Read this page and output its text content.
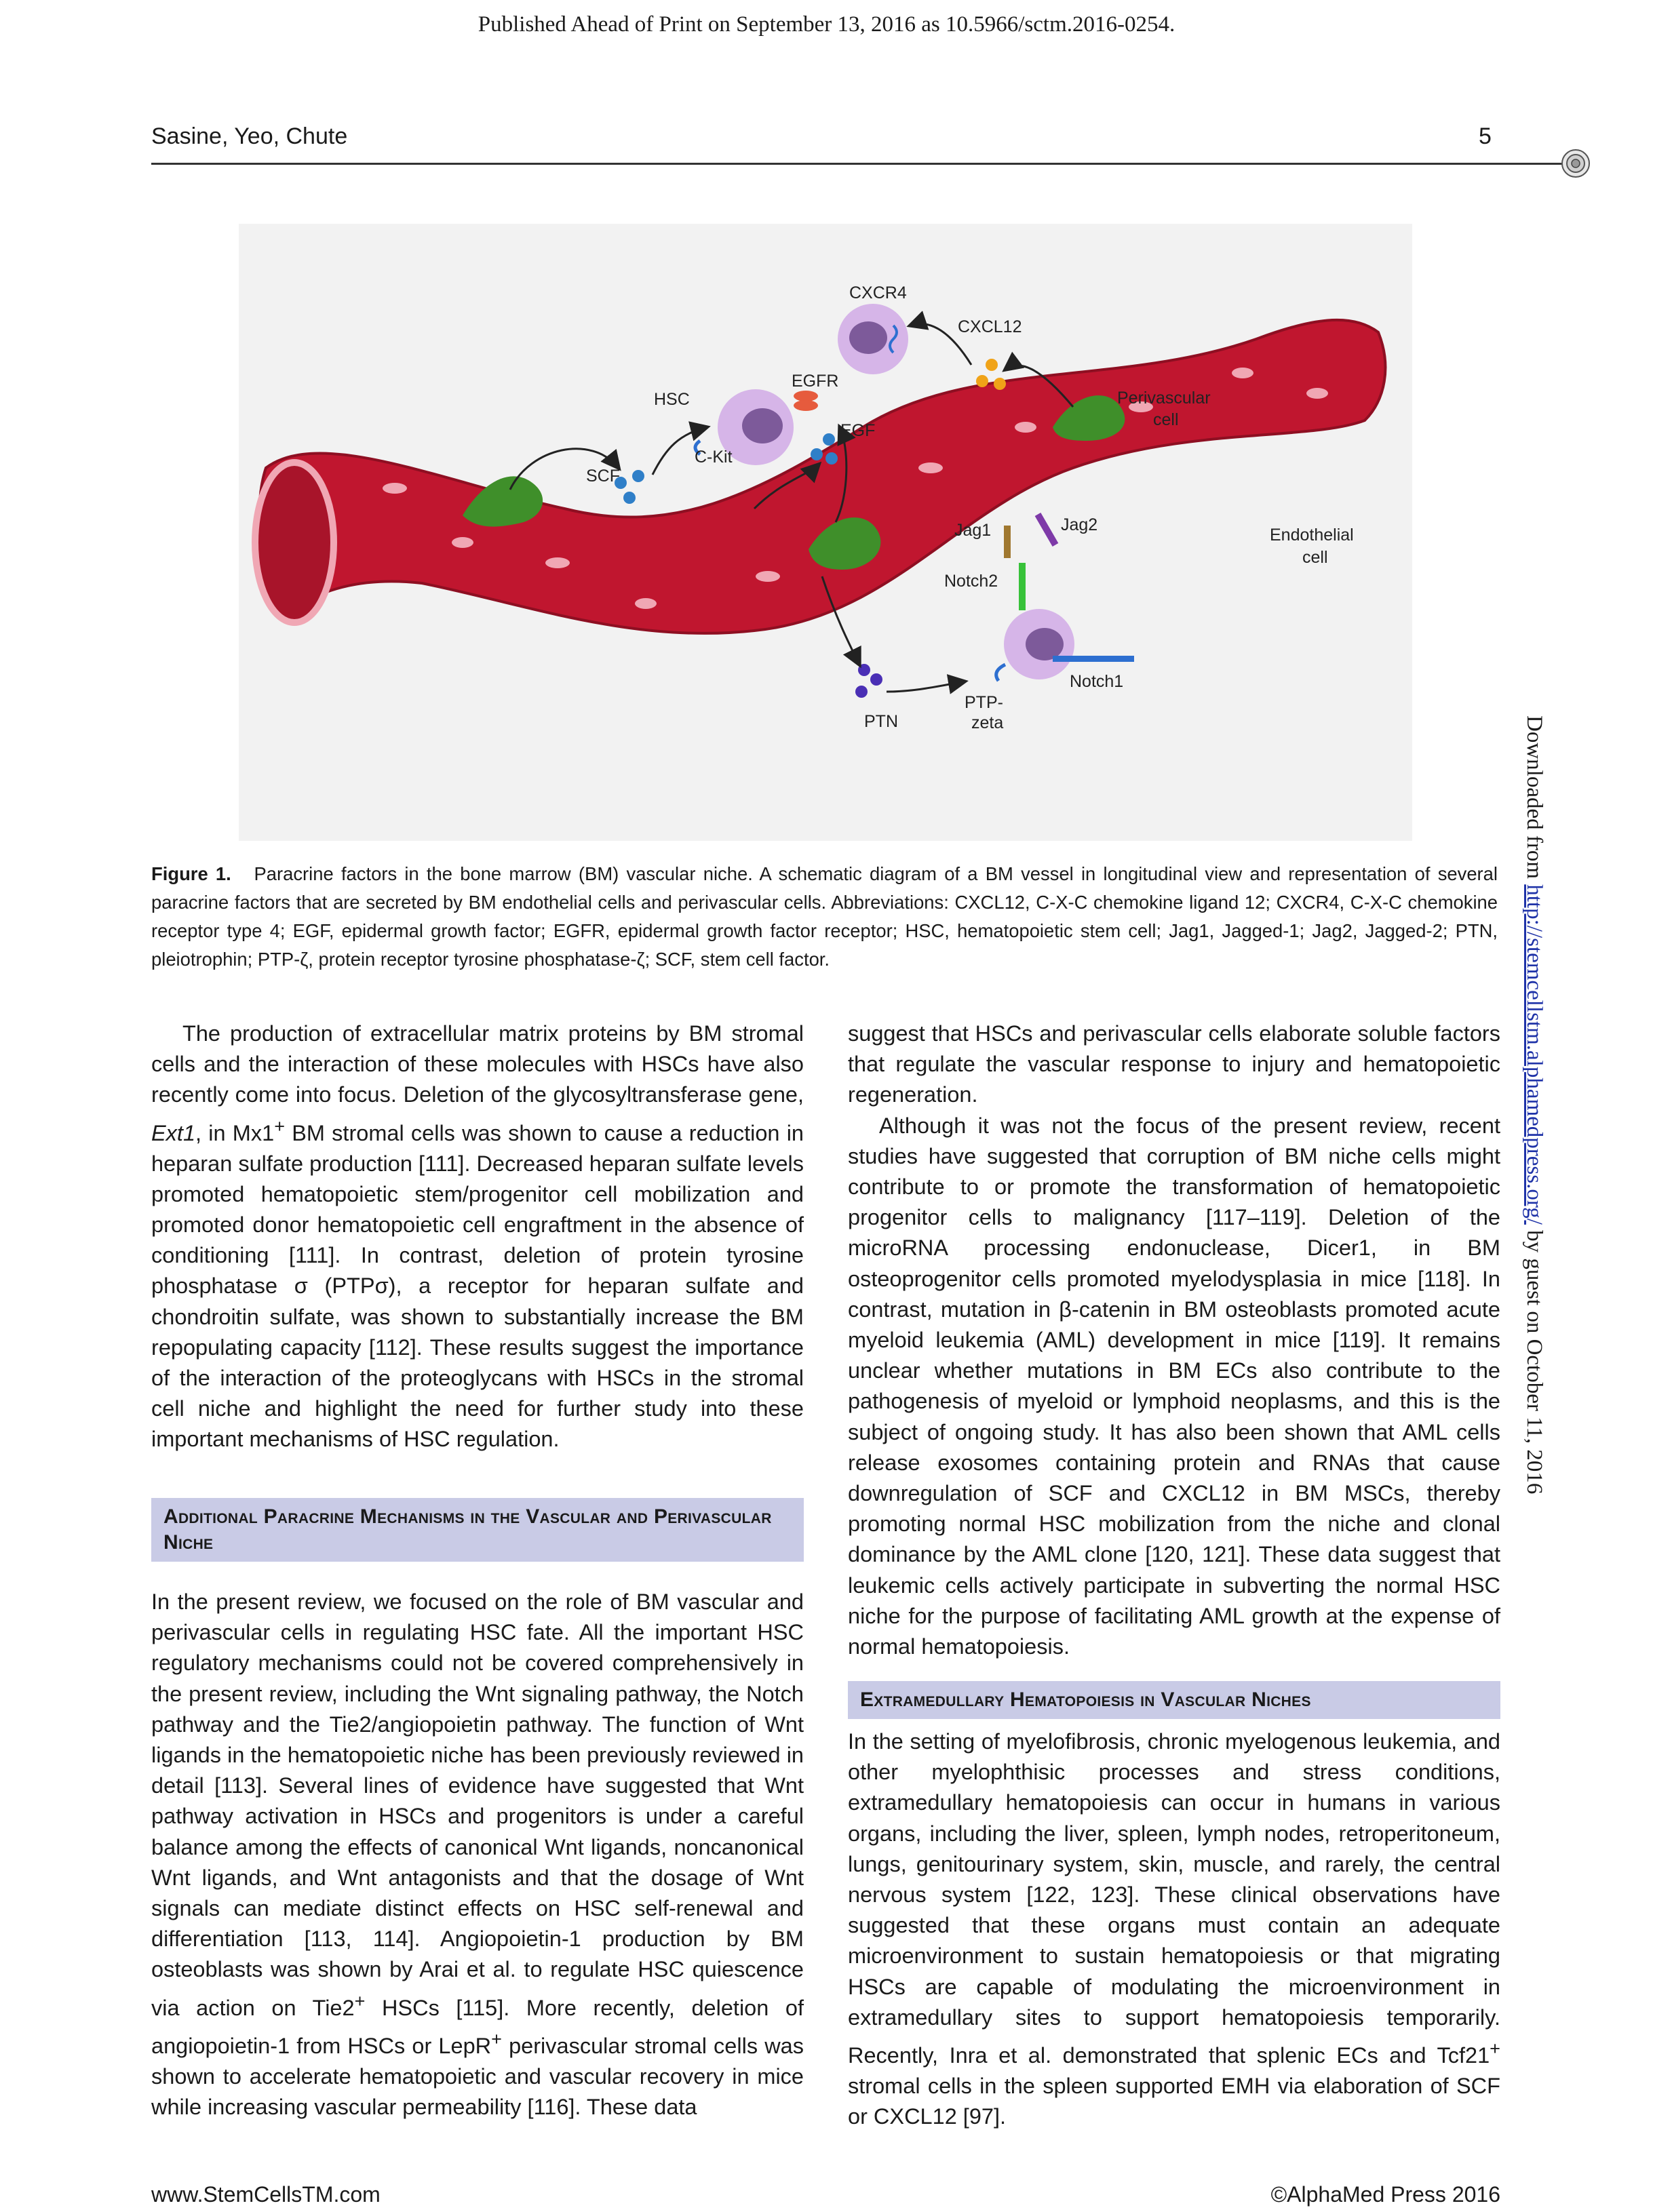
Published Ahead of Print on September 13, 2016 as 10.5966/sctm.2016-0254.
Sasine, Yeo, Chute	5
CXCR4
CXCL12
HSC
EGFR
EGF
C-Kit
SCF
Perivascular
cell
Jag1	Jag2
Notch2
Endothelial
cell
Notch1
PTN
PTP-
zeta
Figure 1. Paracrine factors in the bone marrow (BM) vascular niche. A schematic diagram of a BM vessel in longitudinal view and representation of several paracrine factors that are secreted by BM endothelial cells and perivascular cells. Abbreviations: CXCL12, C-X-C chemokine ligand 12; CXCR4, C-X-C chemokine receptor type 4; EGF, epidermal growth factor; EGFR, epidermal growth factor receptor; HSC, hematopoietic stem cell; Jag1, Jagged-1; Jag2, Jagged-2; PTN, pleiotrophin; PTP-ζ, protein receptor tyrosine phosphatase-ζ; SCF, stem cell factor.

The production of extracellular matrix proteins by BM stromal cells and the interaction of these molecules with HSCs have also recently come into focus. Deletion of the glycosyltransferase gene, Ext1, in Mx1+ BM stromal cells was shown to cause a reduction in heparan sulfate production [111]. Decreased heparan sulfate levels promoted hematopoietic stem/progenitor cell mobilization and promoted donor hematopoietic cell engraftment in the absence of conditioning [111]. In contrast, deletion of protein tyrosine phosphatase σ (PTPσ), a receptor for heparan sulfate and chondroitin sulfate, was shown to substantially increase the BM repopulating capacity [112]. These results suggest the importance of the interaction of the proteoglycans with HSCs in the stromal cell niche and highlight the need for further study into these important mechanisms of HSC regulation.

Additional Paracrine Mechanisms in the Vascular and Perivascular Niche

In the present review, we focused on the role of BM vascular and perivascular cells in regulating HSC fate. All the important HSC regulatory mechanisms could not be covered comprehensively in the present review, including the Wnt signaling pathway, the Notch pathway and the Tie2/angiopoietin pathway. The function of Wnt ligands in the hematopoietic niche has been previously reviewed in detail [113]. Several lines of evidence have suggested that Wnt pathway activation in HSCs and progenitors is under a careful balance among the effects of canonical Wnt ligands, noncanonical Wnt ligands, and Wnt antagonists and that the dosage of Wnt signals can mediate distinct effects on HSC self-renewal and differentiation [113, 114]. Angiopoietin-1 production by BM osteoblasts was shown by Arai et al. to regulate HSC quiescence via action on Tie2+ HSCs [115]. More recently, deletion of angiopoietin-1 from HSCs or LepR+ perivascular stromal cells was shown to accelerate hematopoietic and vascular recovery in mice while increasing vascular permeability [116]. These data

suggest that HSCs and perivascular cells elaborate soluble factors that regulate the vascular response to injury and hematopoietic regeneration.

Although it was not the focus of the present review, recent studies have suggested that corruption of BM niche cells might contribute to or promote the transformation of hematopoietic progenitor cells to malignancy [117–119]. Deletion of the microRNA processing endonuclease, Dicer1, in BM osteoprogenitor cells promoted myelodysplasia in mice [118]. In contrast, mutation in β-catenin in BM osteoblasts promoted acute myeloid leukemia (AML) development in mice [119]. It remains unclear whether mutations in BM ECs also contribute to the pathogenesis of myeloid or lymphoid neoplasms, and this is the subject of ongoing study. It has also been shown that AML cells release exosomes containing protein and RNAs that cause downregulation of SCF and CXCL12 in BM MSCs, thereby promoting normal HSC mobilization from the niche and clonal dominance by the AML clone [120, 121]. These data suggest that leukemic cells actively participate in subverting the normal HSC niche for the purpose of facilitating AML growth at the expense of normal hematopoiesis.

Extramedullary Hematopoiesis in Vascular Niches

In the setting of myelofibrosis, chronic myelogenous leukemia, and other myelophthisic processes and stress conditions, extramedullary hematopoiesis can occur in humans in various organs, including the liver, spleen, lymph nodes, retroperitoneum, lungs, genitourinary system, skin, muscle, and rarely, the central nervous system [122, 123]. These clinical observations have suggested that these organs must contain an adequate microenvironment to sustain hematopoiesis or that migrating HSCs are capable of modulating the microenvironment in extramedullary sites to support hematopoiesis temporarily. Recently, Inra et al. demonstrated that splenic ECs and Tcf21+ stromal cells in the spleen supported EMH via elaboration of SCF or CXCL12 [97].

Downloaded from http://stemcellstm.alphamedpress.org/ by guest on October 11, 2016
www.StemCellsTM.com	©AlphaMed Press 2016
